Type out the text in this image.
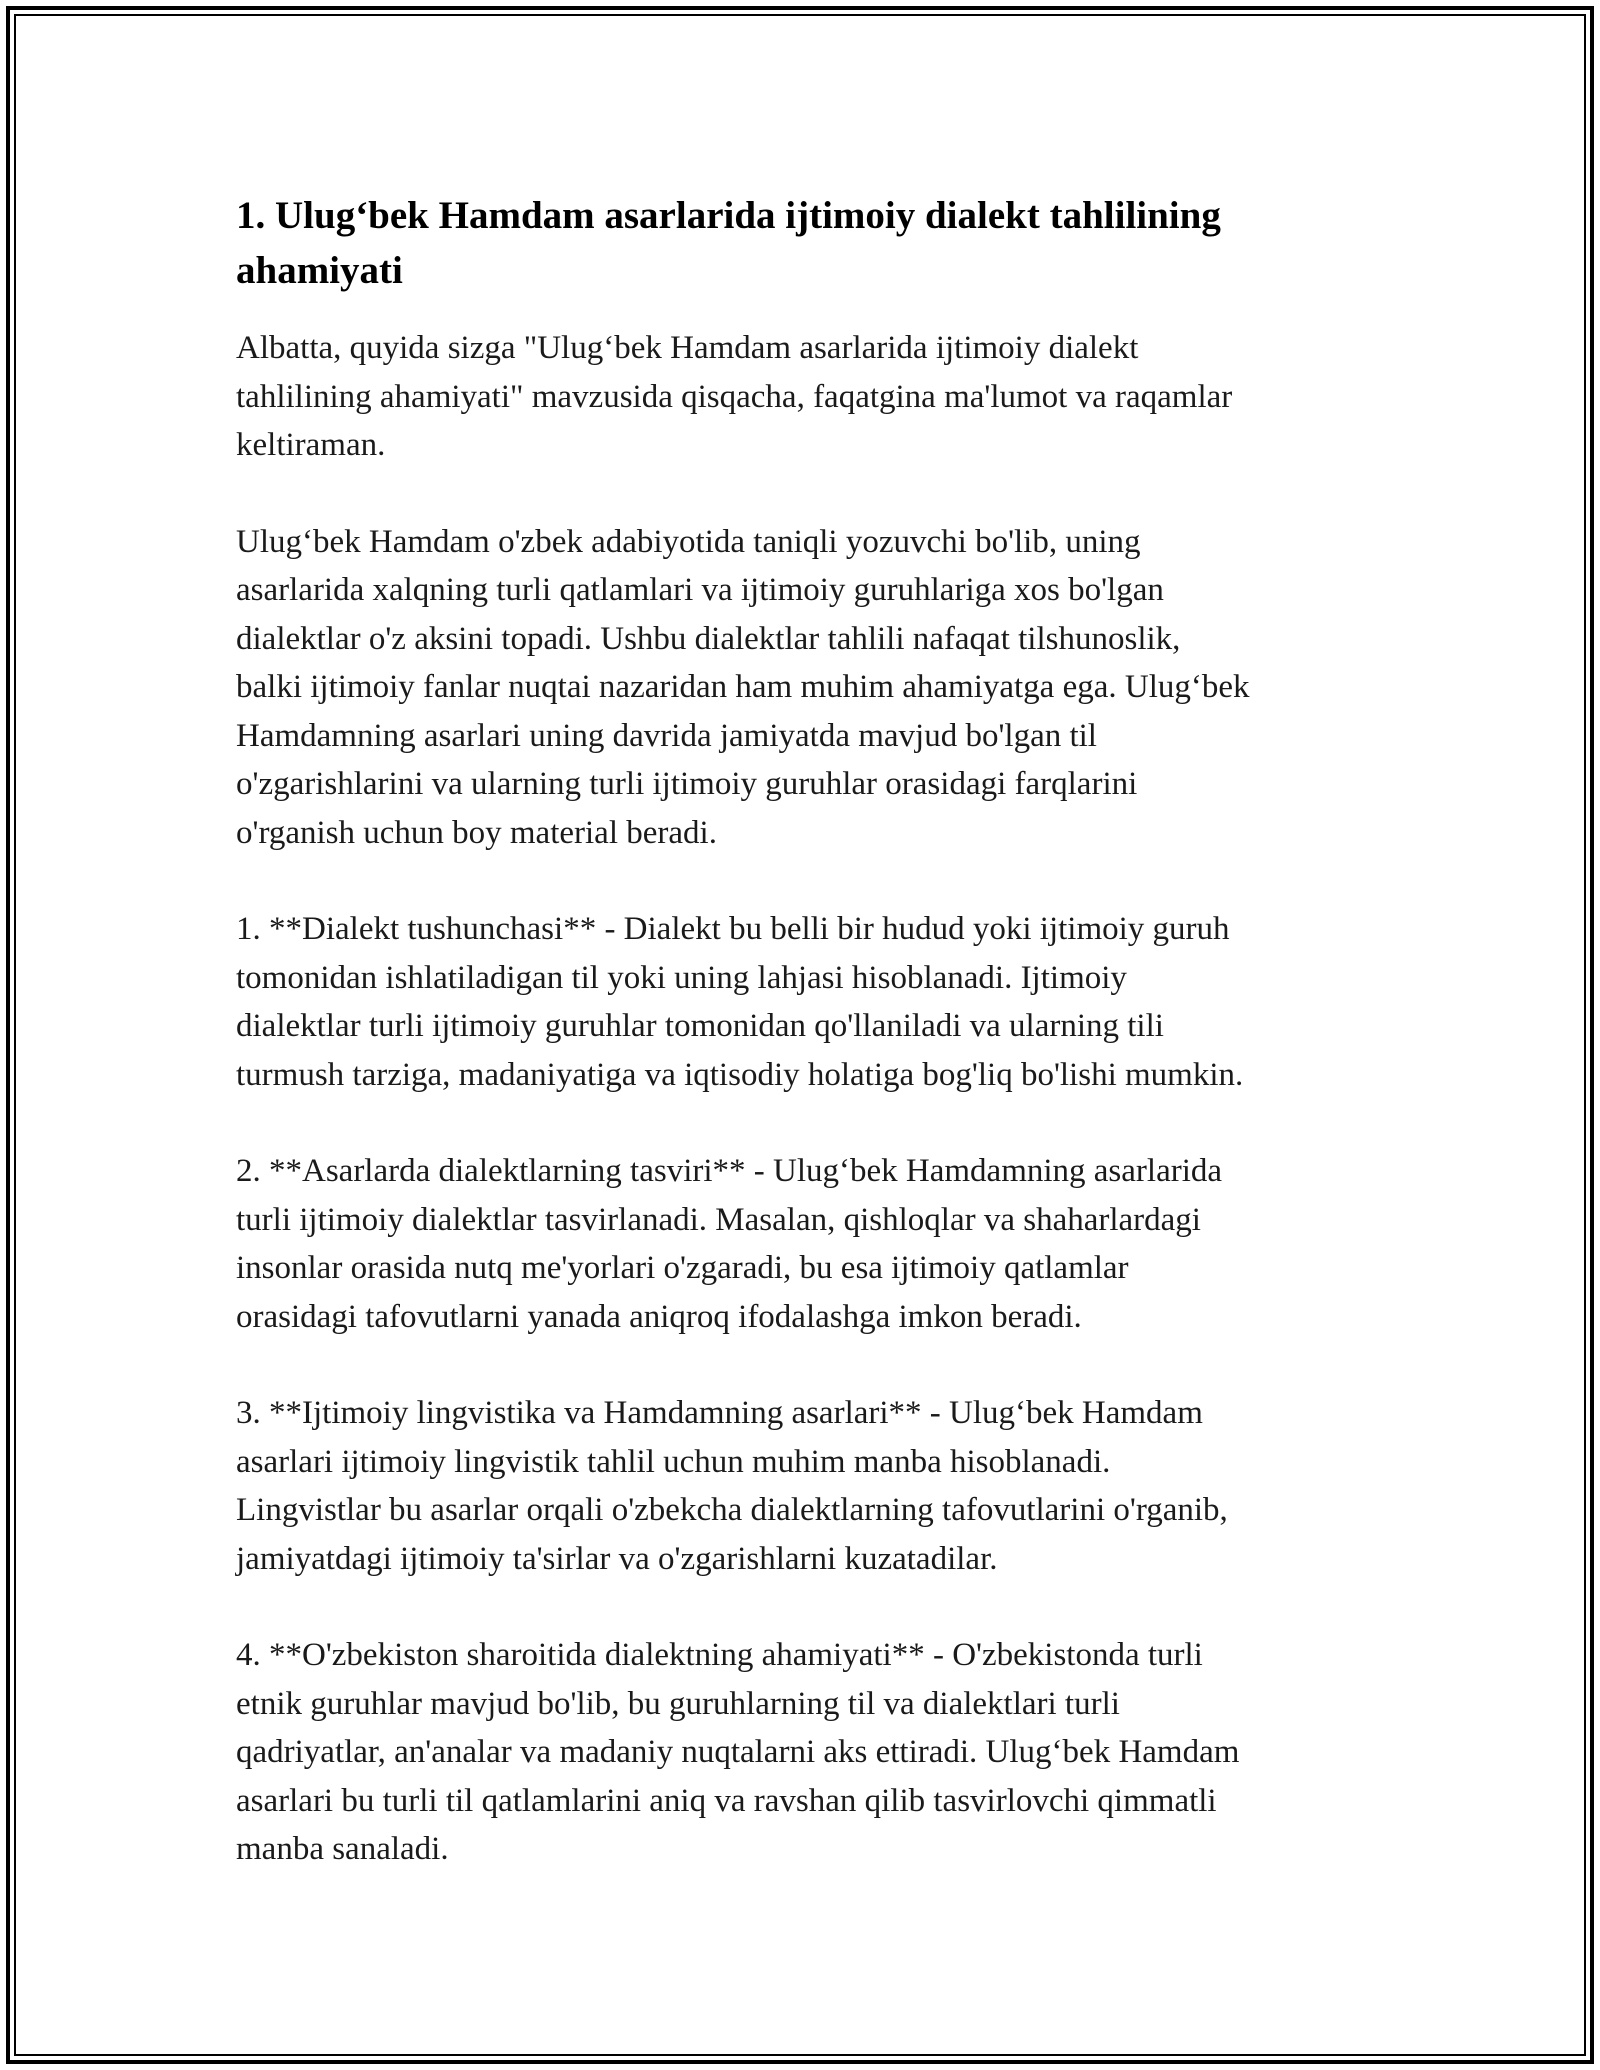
1. Ulug‘bek Hamdam asarlarida ijtimoiy dialekt tahlilining
ahamiyati

Albatta, quyida sizga "Ulug‘bek Hamdam asarlarida ijtimoiy dialekt
tahlilining ahamiyati" mavzusida qisqacha, faqatgina ma'lumot va raqamlar
keltiraman.

Ulug‘bek Hamdam o'zbek adabiyotida taniqli yozuvchi bo'lib, uning
asarlarida xalqning turli qatlamlari va ijtimoiy guruhlariga xos bo'lgan
dialektlar o'z aksini topadi. Ushbu dialektlar tahlili nafaqat tilshunoslik,
balki ijtimoiy fanlar nuqtai nazaridan ham muhim ahamiyatga ega. Ulug‘bek
Hamdamning asarlari uning davrida jamiyatda mavjud bo'lgan til
o'zgarishlarini va ularning turli ijtimoiy guruhlar orasidagi farqlarini
o'rganish uchun boy material beradi.

1. **Dialekt tushunchasi** - Dialekt bu belli bir hudud yoki ijtimoiy guruh
tomonidan ishlatiladigan til yoki uning lahjasi hisoblanadi. Ijtimoiy
dialektlar turli ijtimoiy guruhlar tomonidan qo'llaniladi va ularning tili
turmush tarziga, madaniyatiga va iqtisodiy holatiga bog'liq bo'lishi mumkin.

2. **Asarlarda dialektlarning tasviri** - Ulug‘bek Hamdamning asarlarida
turli ijtimoiy dialektlar tasvirlanadi. Masalan, qishloqlar va shaharlardagi
insonlar orasida nutq me'yorlari o'zgaradi, bu esa ijtimoiy qatlamlar
orasidagi tafovutlarni yanada aniqroq ifodalashga imkon beradi.

3. **Ijtimoiy lingvistika va Hamdamning asarlari** - Ulug‘bek Hamdam
asarlari ijtimoiy lingvistik tahlil uchun muhim manba hisoblanadi.
Lingvistlar bu asarlar orqali o'zbekcha dialektlarning tafovutlarini o'rganib,
jamiyatdagi ijtimoiy ta'sirlar va o'zgarishlarni kuzatadilar.

4. **O'zbekiston sharoitida dialektning ahamiyati** - O'zbekistonda turli
etnik guruhlar mavjud bo'lib, bu guruhlarning til va dialektlari turli
qadriyatlar, an'analar va madaniy nuqtalarni aks ettiradi. Ulug‘bek Hamdam
asarlari bu turli til qatlamlarini aniq va ravshan qilib tasvirlovchi qimmatli
manba sanaladi.
